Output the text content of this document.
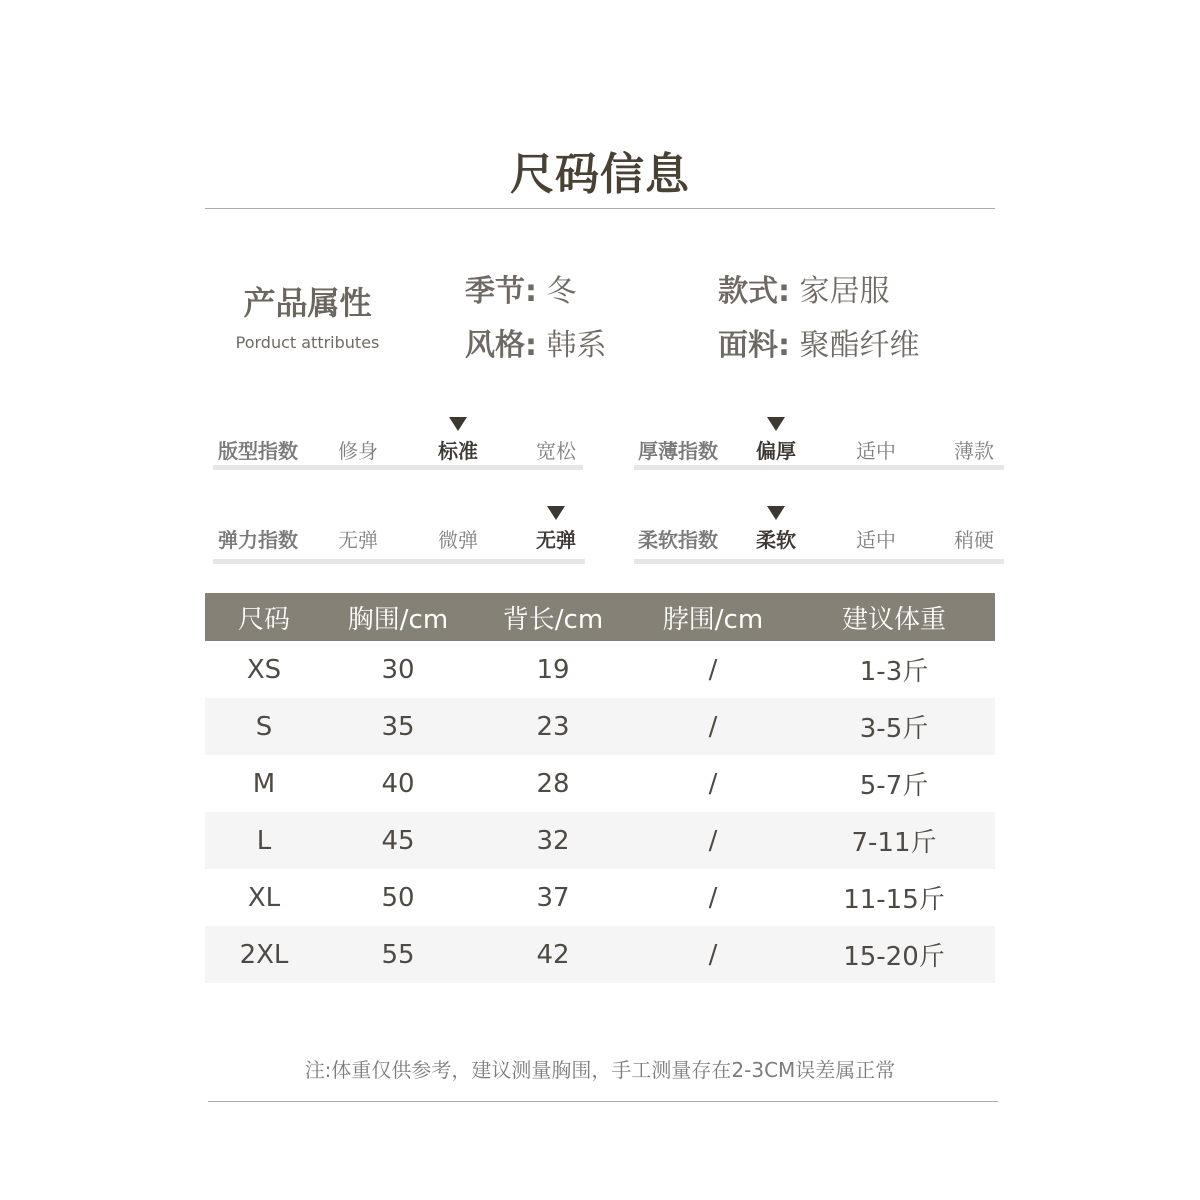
尺码信息
产品属性
Porduct attributes
季节: 冬	款式: 家居服
风格: 韩系	面料: 聚酯纤维
版型指数	修身	标准	宽松	厚薄指数	偏厚	适中	薄款
弹力指数	无弹	微弹	无弹	柔软指数	柔软	适中	稍硬
尺码	胸围/cm	背长/cm	脖围/cm	建议体重
XS	30	19	/	1-3斤
S	35	23	/	3-5斤
M	40	28	/	5-7斤
L	45	32	/	7-11斤
XL	50	37	/	11-15斤
2XL	55	42	/	15-20斤
注:体重仅供参考，建议测量胸围，手工测量存在2-3CM误差属正常
